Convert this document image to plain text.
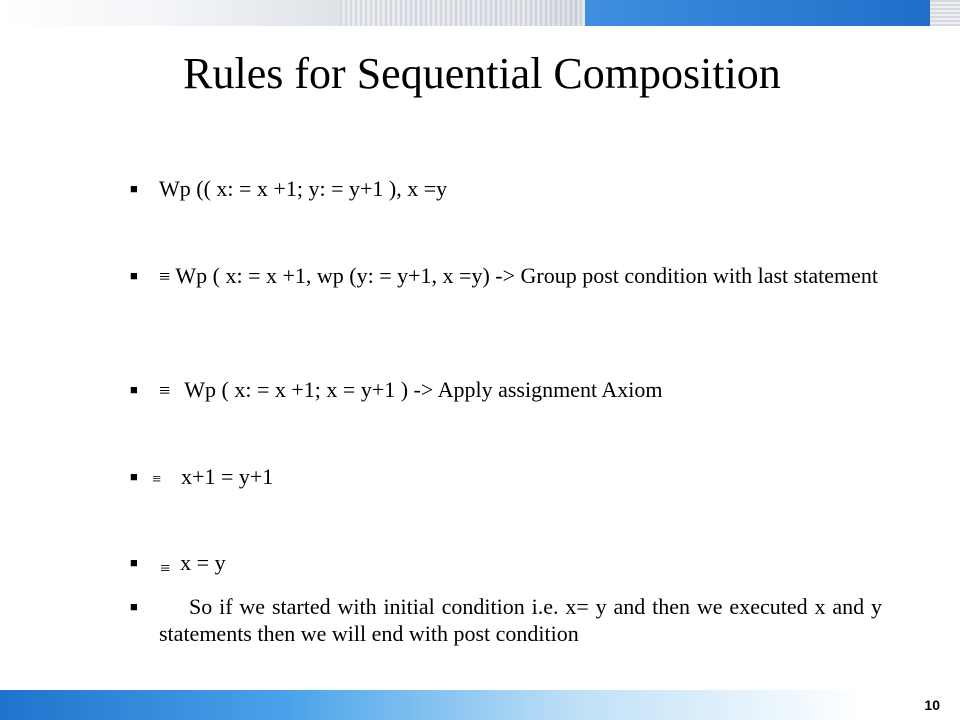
Rules for Sequential Composition
■
Wp (( x: = x +1; y: = y+1 ), x =y
■
≡ Wp ( x: = x +1, wp (y: = y+1, x =y) -> Group post condition with last statement
■
≡ Wp ( x: = x +1; x = y+1 ) -> Apply assignment Axiom
■
≡ x+1 = y+1
■
≡ x = y
■
So if we started with initial condition i.e. x= y and then we executed x and y statements then we will end with post condition
10
